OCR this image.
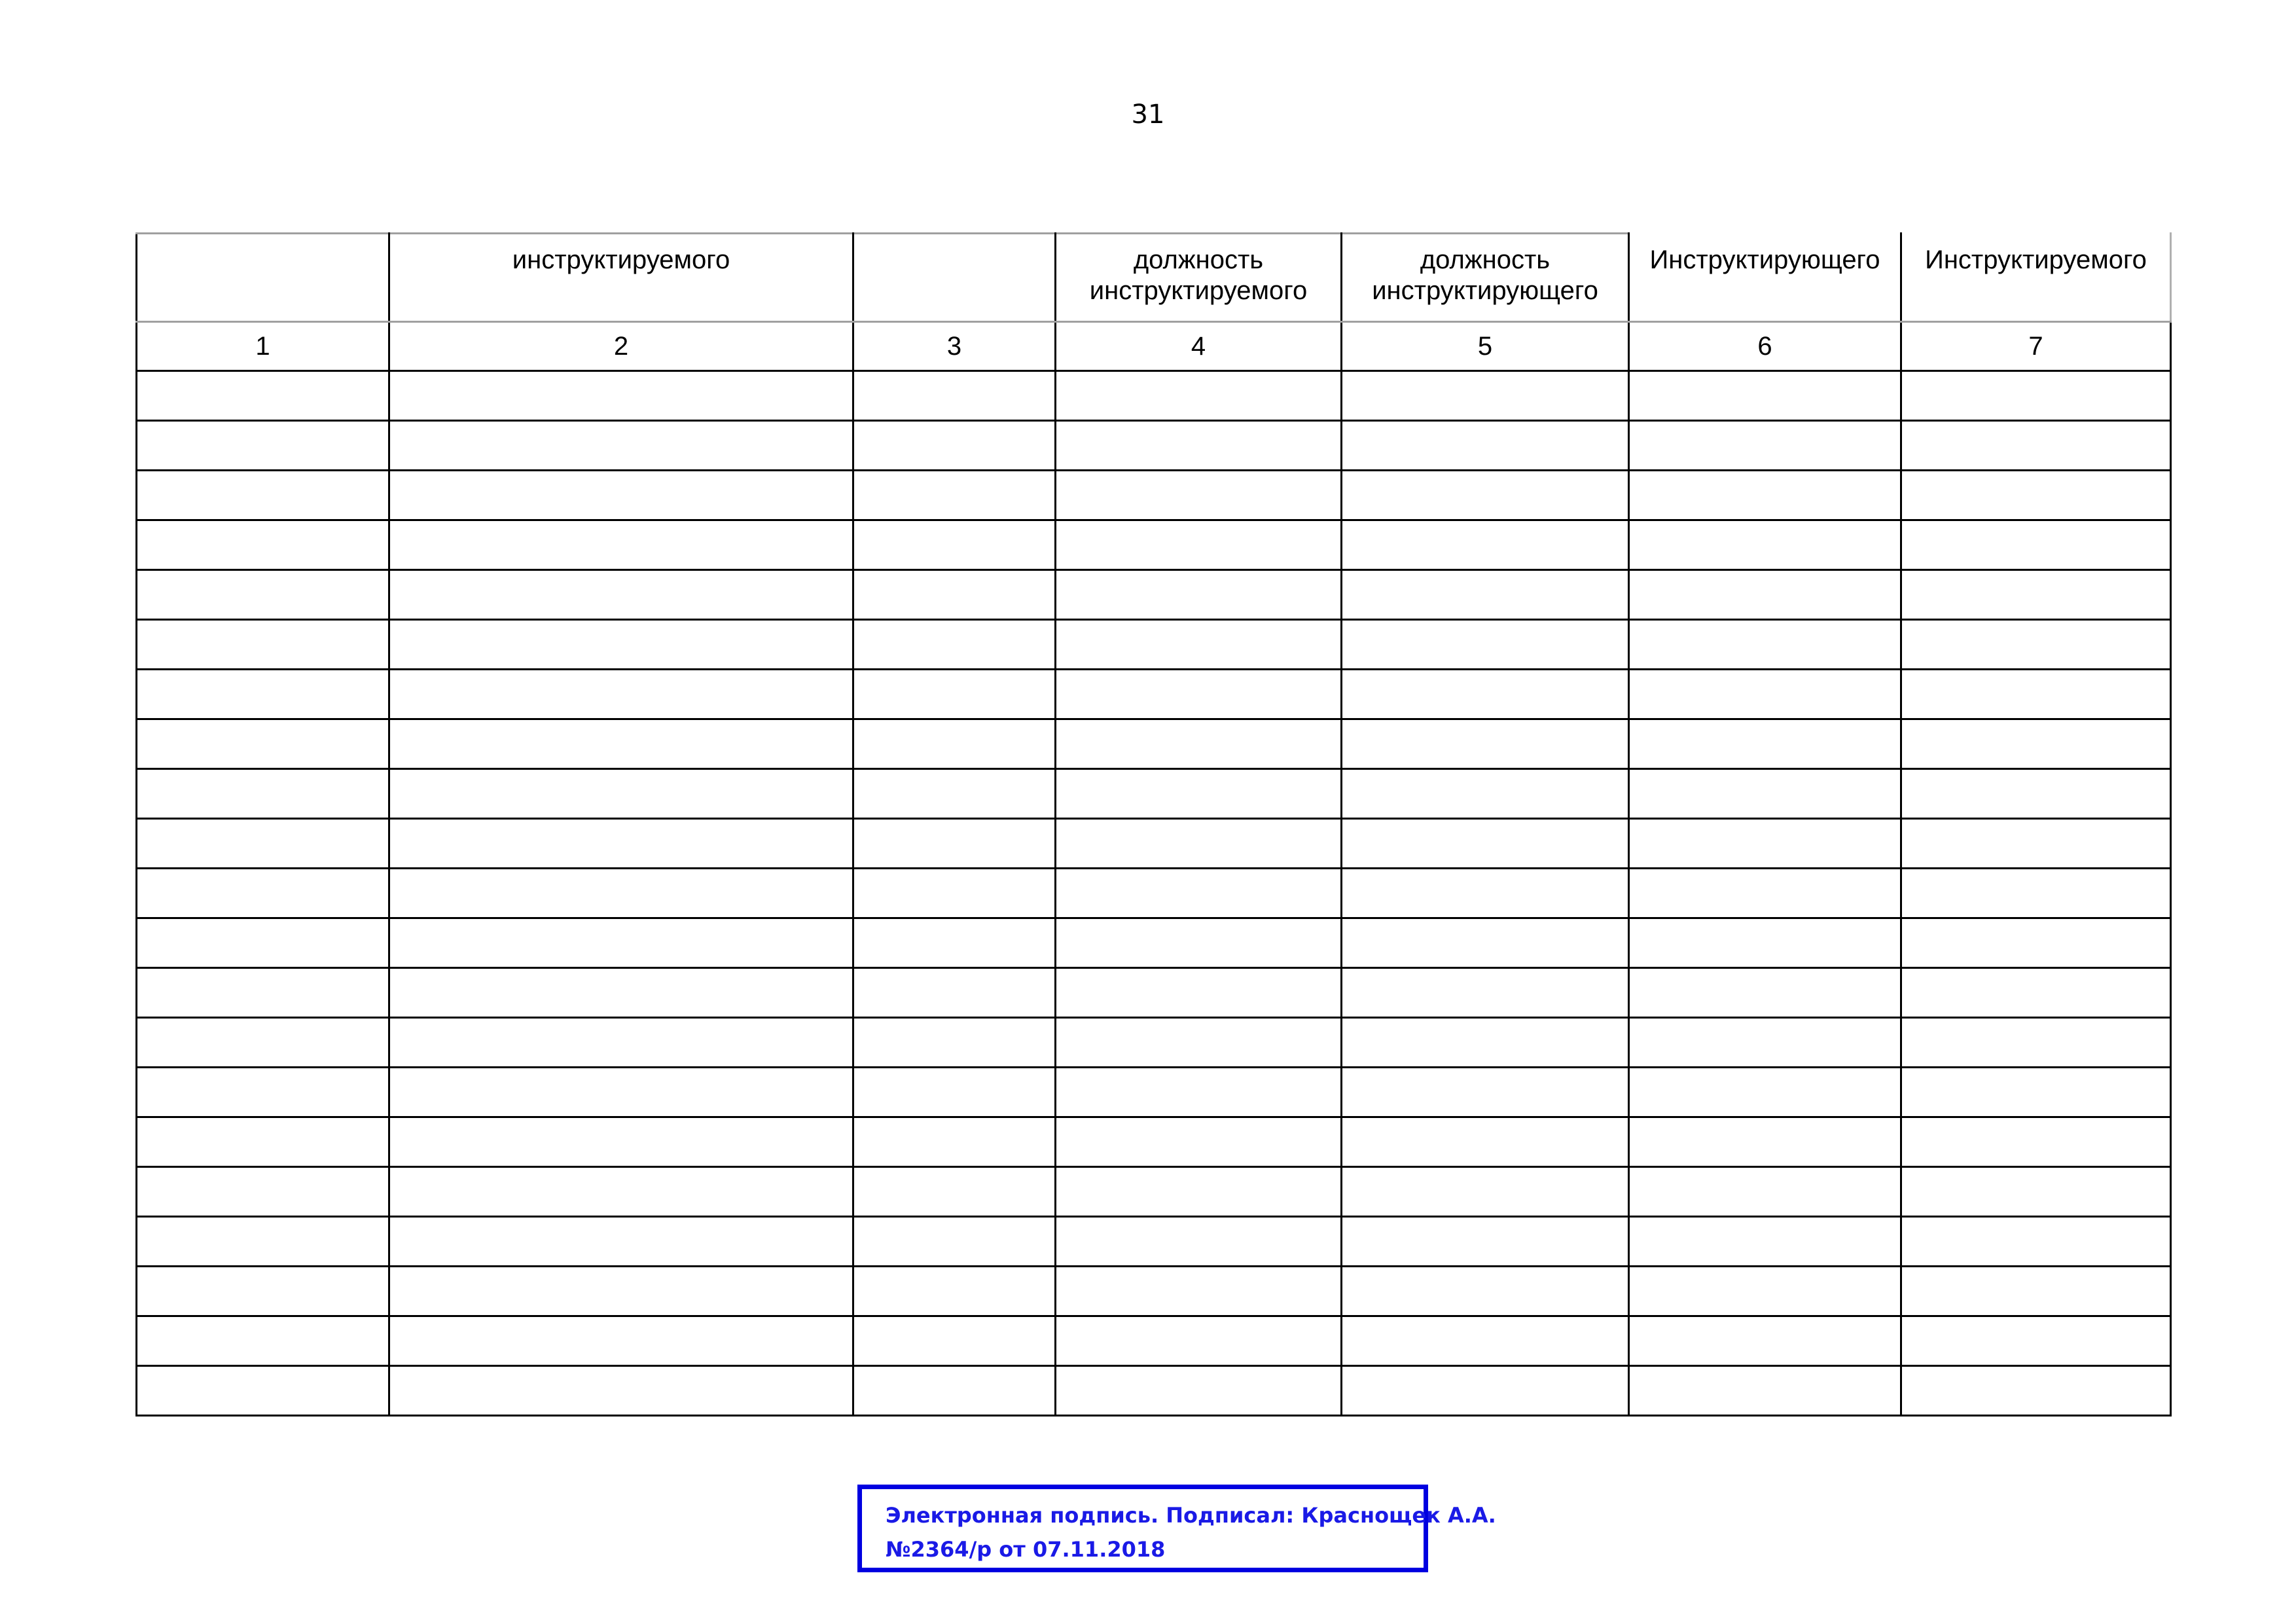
31
	инструктируемого		должность инструктируемого	должность инструктирующего	Инструктирующего	Инструктируемого
1	2	3	4	5	6	7

Электронная подпись. Подписал: Краснощек А.А.
№2364/р от 07.11.2018
